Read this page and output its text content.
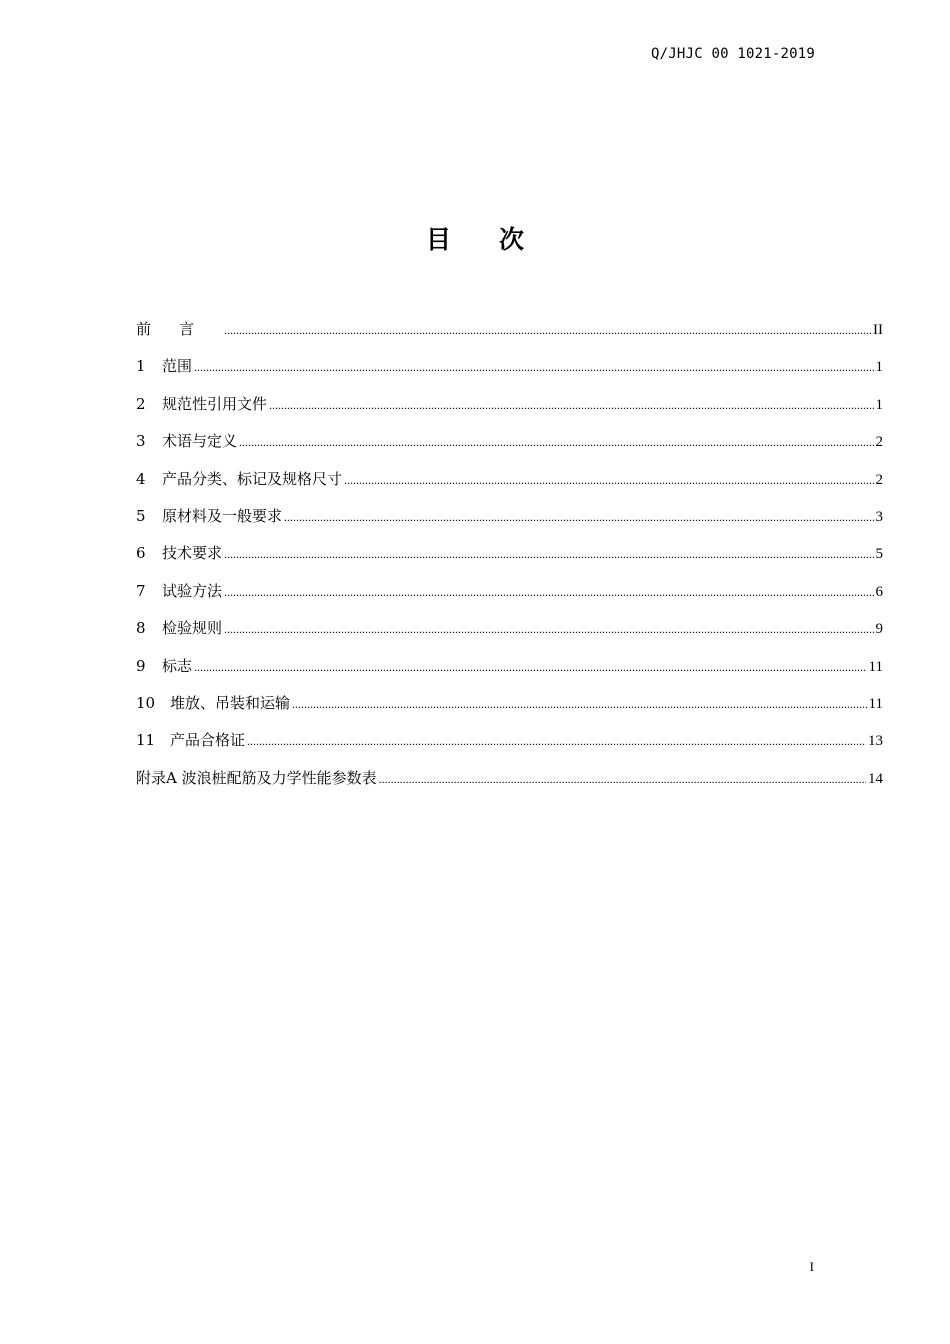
Q/JHJC 00 1021-2019
目 次
前言 .....	II
1	范围 .....	1
2	规范性引用文件 .....	1
3	术语与定义 .....	2
4	产品分类、标记及规格尺寸 .....	2
5	原材料及一般要求 .....	3
6	技术要求 .....	5
7	试验方法 .....	6
8	检验规则 .....	9
9	标志 .....	11
10 堆放、吊装和运输 .....	11
11 产品合格证 .....	13
附录A 波浪桩配筋及力学性能参数表 .....	14
I
